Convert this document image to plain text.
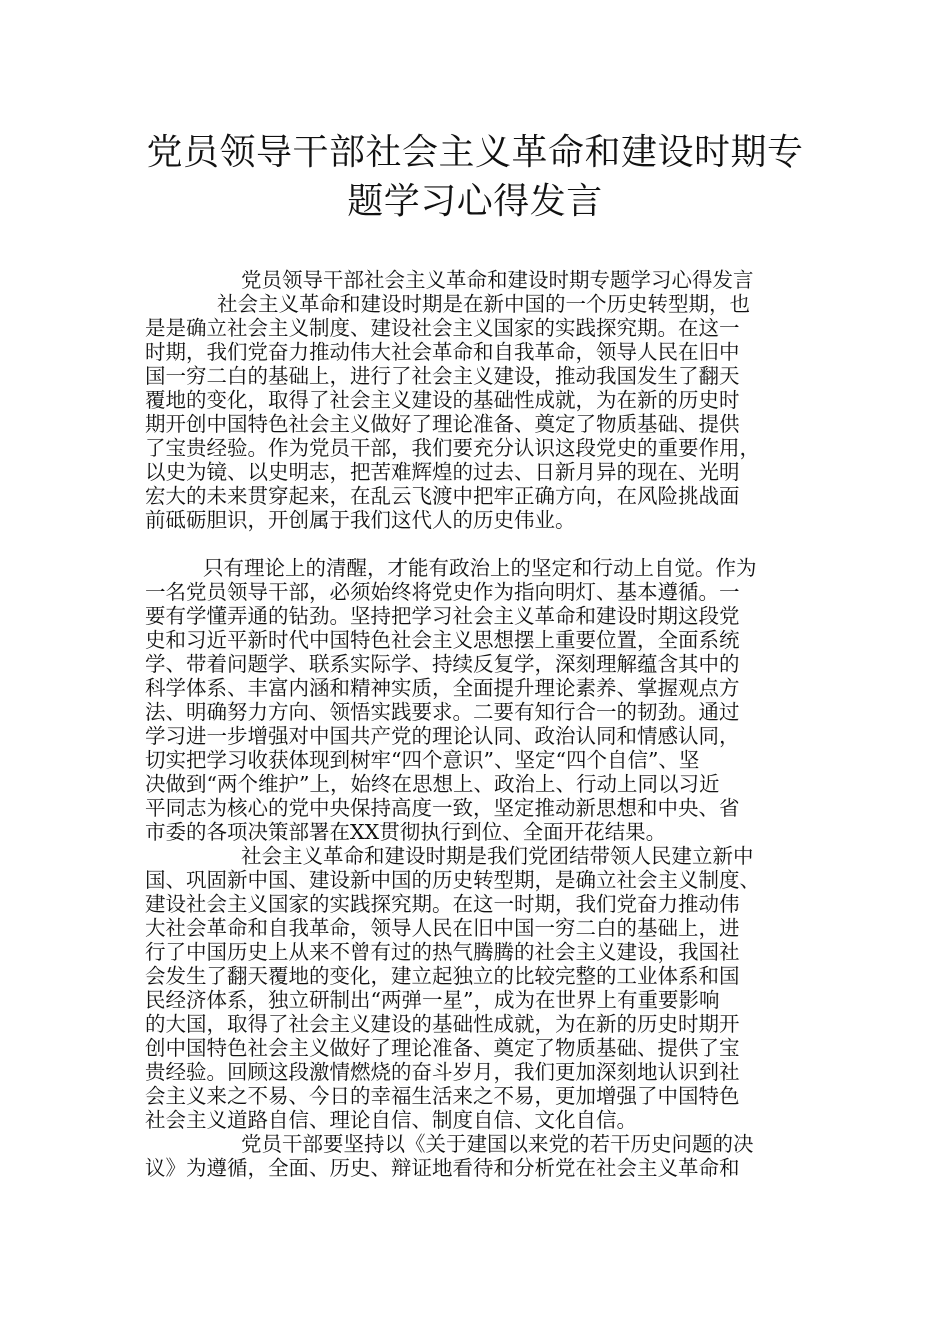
党员领导干部社会主义革命和建设时期专
题学习心得发言
党员领导干部社会主义革命和建设时期专题学习心得发言
社会主义革命和建设时期是在新中国的一个历史转型期，也
是是确立社会主义制度、建设社会主义国家的实践探究期。在这一
时期，我们党奋力推动伟大社会革命和自我革命，领导人民在旧中
国一穷二白的基础上，进行了社会主义建设，推动我国发生了翻天
覆地的变化，取得了社会主义建设的基础性成就，为在新的历史时
期开创中国特色社会主义做好了理论准备、奠定了物质基础、提供
了宝贵经验。作为党员干部，我们要充分认识这段党史的重要作用，
以史为镜、以史明志，把苦难辉煌的过去、日新月异的现在、光明
宏大的未来贯穿起来，在乱云飞渡中把牢正确方向，在风险挑战面
前砥砺胆识，开创属于我们这代人的历史伟业。
只有理论上的清醒，才能有政治上的坚定和行动上自觉。作为
一名党员领导干部，必须始终将党史作为指向明灯、基本遵循。一
要有学懂弄通的钻劲。坚持把学习社会主义革命和建设时期这段党
史和习近平新时代中国特色社会主义思想摆上重要位置，全面系统
学、带着问题学、联系实际学、持续反复学，深刻理解蕴含其中的
科学体系、丰富内涵和精神实质，全面提升理论素养、掌握观点方
法、明确努力方向、领悟实践要求。二要有知行合一的韧劲。通过
学习进一步增强对中国共产党的理论认同、政治认同和情感认同，
切实把学习收获体现到树牢“四个意识”、坚定“四个自信”、坚
决做到“两个维护”上，始终在思想上、政治上、行动上同以习近
平同志为核心的党中央保持高度一致，坚定推动新思想和中央、省
市委的各项决策部署在XX贯彻执行到位、全面开花结果。
社会主义革命和建设时期是我们党团结带领人民建立新中
国、巩固新中国、建设新中国的历史转型期，是确立社会主义制度、
建设社会主义国家的实践探究期。在这一时期，我们党奋力推动伟
大社会革命和自我革命，领导人民在旧中国一穷二白的基础上，进
行了中国历史上从来不曾有过的热气腾腾的社会主义建设，我国社
会发生了翻天覆地的变化，建立起独立的比较完整的工业体系和国
民经济体系，独立研制出“两弹一星”，成为在世界上有重要影响
的大国，取得了社会主义建设的基础性成就，为在新的历史时期开
创中国特色社会主义做好了理论准备、奠定了物质基础、提供了宝
贵经验。回顾这段激情燃烧的奋斗岁月，我们更加深刻地认识到社
会主义来之不易、今日的幸福生活来之不易，更加增强了中国特色
社会主义道路自信、理论自信、制度自信、文化自信。
党员干部要坚持以《关于建国以来党的若干历史问题的决
议》为遵循，全面、历史、辩证地看待和分析党在社会主义革命和
